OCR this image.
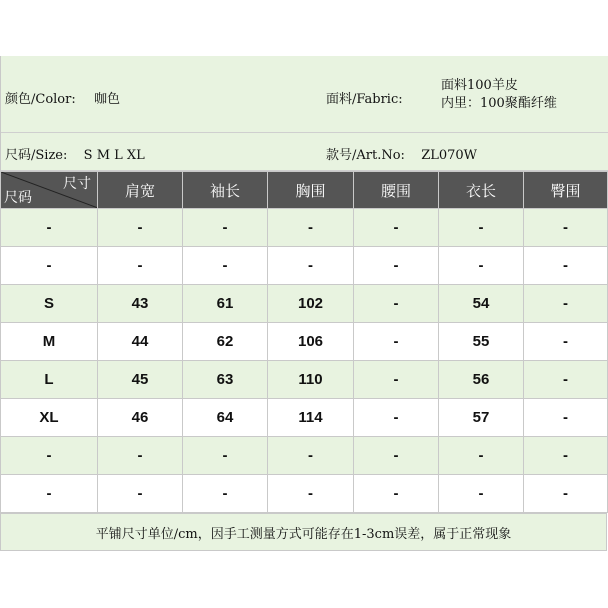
颜色/Color: 咖色	面料/Fabric:
面料100羊皮
内里：100聚酯纤维
尺码/Size: S M L XL	款号/Art.No: ZL070W
尺寸
尺码	肩宽	袖长	胸围	腰围	衣长	臀围
-	-	-	-	-	-	-
-	-	-	-	-	-	-
S	43	61	102	-	54	-
M	44	62	106	-	55	-
L	45	63	110	-	56	-
XL	46	64	114	-	57	-
-	-	-	-	-	-	-
-	-	-	-	-	-	-
平铺尺寸单位/cm，因手工测量方式可能存在1-3cm误差，属于正常现象
